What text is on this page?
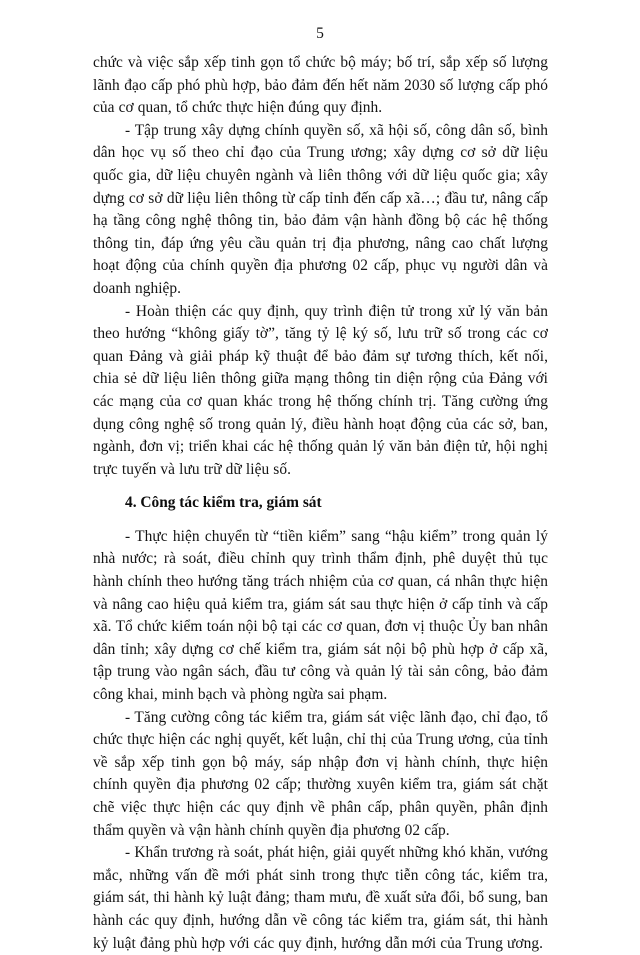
5

chức và việc sắp xếp tinh gọn tổ chức bộ máy; bố trí, sắp xếp số lượng lãnh đạo cấp phó phù hợp, bảo đảm đến hết năm 2030 số lượng cấp phó của cơ quan, tổ chức thực hiện đúng quy định.

- Tập trung xây dựng chính quyền số, xã hội số, công dân số, bình dân học vụ số theo chỉ đạo của Trung ương; xây dựng cơ sở dữ liệu quốc gia, dữ liệu chuyên ngành và liên thông với dữ liệu quốc gia; xây dựng cơ sở dữ liệu liên thông từ cấp tỉnh đến cấp xã…; đầu tư, nâng cấp hạ tầng công nghệ thông tin, bảo đảm vận hành đồng bộ các hệ thống thông tin, đáp ứng yêu cầu quản trị địa phương, nâng cao chất lượng hoạt động của chính quyền địa phương 02 cấp, phục vụ người dân và doanh nghiệp.

- Hoàn thiện các quy định, quy trình điện tử trong xử lý văn bản theo hướng “không giấy tờ”, tăng tỷ lệ ký số, lưu trữ số trong các cơ quan Đảng và giải pháp kỹ thuật để bảo đảm sự tương thích, kết nối, chia sẻ dữ liệu liên thông giữa mạng thông tin diện rộng của Đảng với các mạng của cơ quan khác trong hệ thống chính trị. Tăng cường ứng dụng công nghệ số trong quản lý, điều hành hoạt động của các sở, ban, ngành, đơn vị; triển khai các hệ thống quản lý văn bản điện tử, hội nghị trực tuyến và lưu trữ dữ liệu số.

4. Công tác kiểm tra, giám sát

- Thực hiện chuyển từ “tiền kiểm” sang “hậu kiểm” trong quản lý nhà nước; rà soát, điều chỉnh quy trình thẩm định, phê duyệt thủ tục hành chính theo hướng tăng trách nhiệm của cơ quan, cá nhân thực hiện và nâng cao hiệu quả kiểm tra, giám sát sau thực hiện ở cấp tỉnh và cấp xã. Tổ chức kiểm toán nội bộ tại các cơ quan, đơn vị thuộc Ủy ban nhân dân tỉnh; xây dựng cơ chế kiểm tra, giám sát nội bộ phù hợp ở cấp xã, tập trung vào ngân sách, đầu tư công và quản lý tài sản công, bảo đảm công khai, minh bạch và phòng ngừa sai phạm.

- Tăng cường công tác kiểm tra, giám sát việc lãnh đạo, chỉ đạo, tổ chức thực hiện các nghị quyết, kết luận, chỉ thị của Trung ương, của tỉnh về sắp xếp tinh gọn bộ máy, sáp nhập đơn vị hành chính, thực hiện chính quyền địa phương 02 cấp; thường xuyên kiểm tra, giám sát chặt chẽ việc thực hiện các quy định về phân cấp, phân quyền, phân định thẩm quyền và vận hành chính quyền địa phương 02 cấp.

- Khẩn trương rà soát, phát hiện, giải quyết những khó khăn, vướng mắc, những vấn đề mới phát sinh trong thực tiễn công tác, kiểm tra, giám sát, thi hành kỷ luật đảng; tham mưu, đề xuất sửa đổi, bổ sung, ban hành các quy định, hướng dẫn về công tác kiểm tra, giám sát, thi hành kỷ luật đảng phù hợp với các quy định, hướng dẫn mới của Trung ương.
